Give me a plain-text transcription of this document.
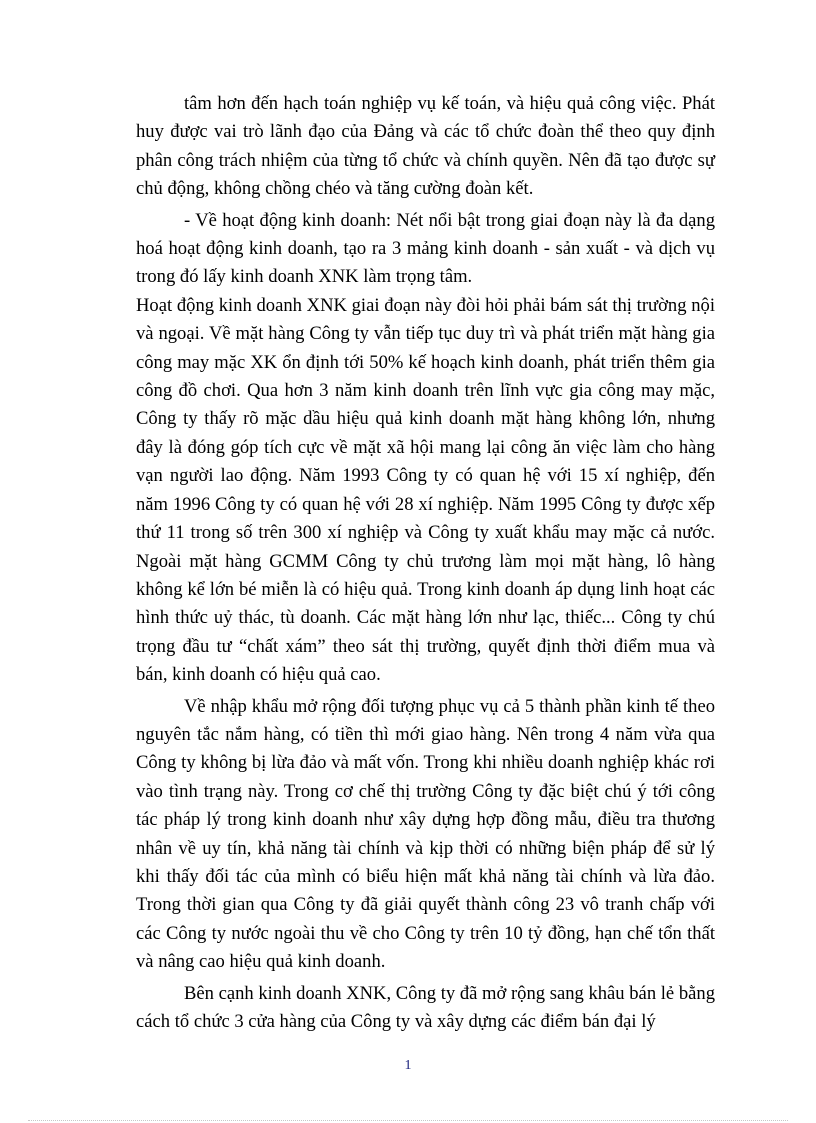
tâm hơn đến hạch toán nghiệp vụ kế toán, và hiệu quả công việc. Phát huy được vai trò lãnh đạo của Đảng và các tổ chức đoàn thể theo quy định phân công trách nhiệm của từng tổ chức và chính quyền. Nên đã tạo được sự chủ động, không chồng chéo và tăng cường đoàn kết.

- Về hoạt động kinh doanh: Nét nổi bật trong giai đoạn này là đa dạng hoá hoạt động kinh doanh, tạo ra 3 mảng kinh doanh - sản xuất - và dịch vụ trong đó lấy kinh doanh XNK làm trọng tâm.

Hoạt động kinh doanh XNK giai đoạn này đòi hỏi phải bám sát thị trường nội và ngoại. Về mặt hàng Công ty vẫn tiếp tục duy trì và phát triển mặt hàng gia công may mặc XK ổn định tới 50% kế hoạch kinh doanh, phát triển thêm gia công đồ chơi. Qua hơn 3 năm kinh doanh trên lĩnh vực gia công may mặc, Công ty thấy rõ mặc dầu hiệu quả kinh doanh mặt hàng không lớn, nhưng đây là đóng góp tích cực về mặt xã hội mang lại công ăn việc làm cho hàng vạn người lao động. Năm 1993 Công ty có quan hệ với 15 xí nghiệp, đến năm 1996 Công ty có quan hệ với 28 xí nghiệp. Năm 1995 Công ty được xếp thứ 11 trong số trên 300 xí nghiệp và Công ty xuất khẩu may mặc cả nước. Ngoài mặt hàng GCMM Công ty chủ trương làm mọi mặt hàng, lô hàng không kể lớn bé miễn là có hiệu quả. Trong kinh doanh áp dụng linh hoạt các hình thức uỷ thác, tù doanh. Các mặt hàng lớn như lạc, thiếc... Công ty chú trọng đầu tư “chất xám” theo sát thị trường, quyết định thời điểm mua và bán, kinh doanh có hiệu quả cao.

Về nhập khẩu mở rộng đối tượng phục vụ cả 5 thành phần kinh tế theo nguyên tắc nắm hàng, có tiền thì mới giao hàng. Nên trong 4 năm vừa qua Công ty không bị lừa đảo và mất vốn. Trong khi nhiều doanh nghiệp khác rơi vào tình trạng này. Trong cơ chế thị trường Công ty đặc biệt chú ý tới công tác pháp lý trong kinh doanh như xây dựng hợp đồng mẫu, điều tra thương nhân về uy tín, khả năng tài chính và kịp thời có những biện pháp để sử lý khi thấy đối tác của mình có biểu hiện mất khả năng tài chính và lừa đảo. Trong thời gian qua Công ty đã giải quyết thành công 23 vô tranh chấp với các Công ty nước ngoài thu về cho Công ty trên 10 tỷ đồng, hạn chế tổn thất và nâng cao hiệu quả kinh doanh.

Bên cạnh kinh doanh XNK, Công ty đã mở rộng sang khâu bán lẻ bằng cách tổ chức 3 cửa hàng của Công ty và xây dựng các điểm bán đại lý

1
